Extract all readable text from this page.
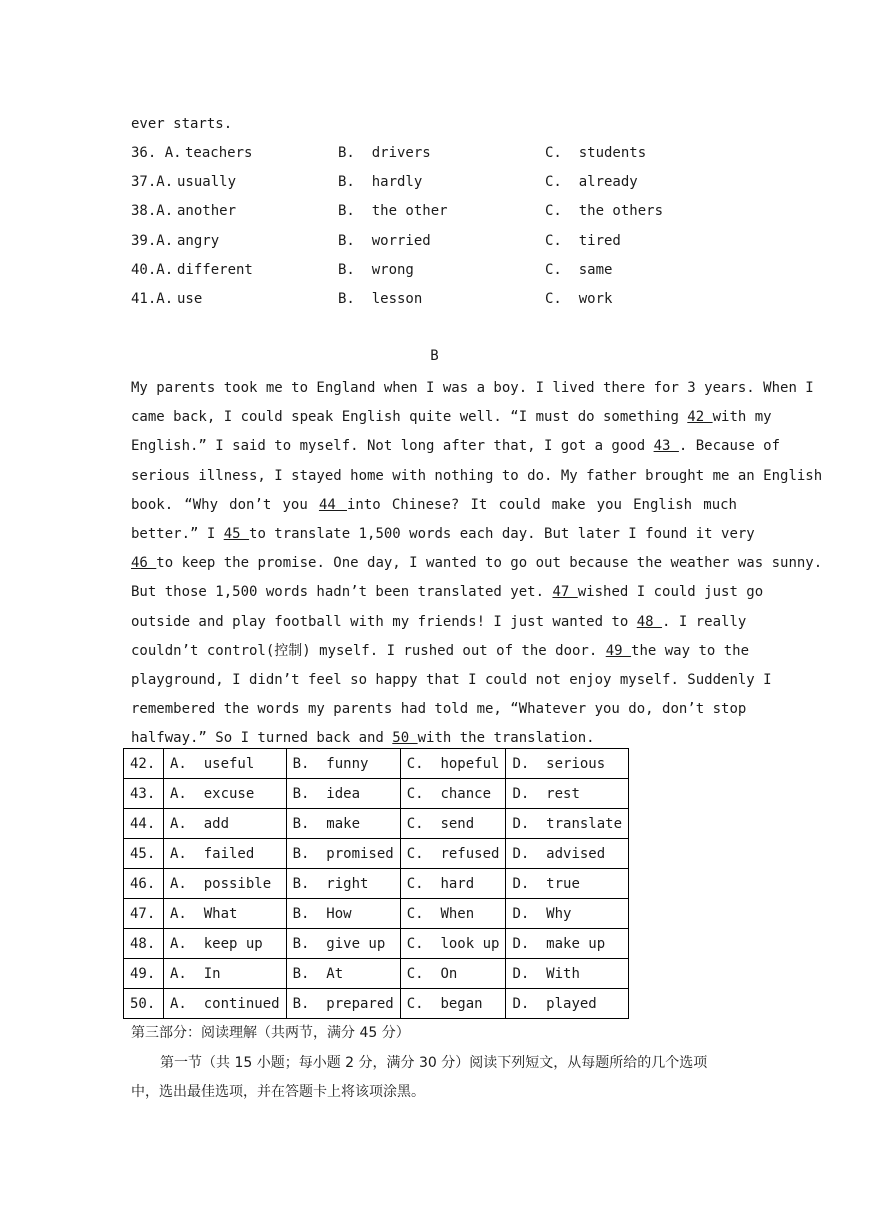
ever starts.
36. A. teachers	B.  drivers	C.  students
37.A. usually	B.  hardly	C.  already
38.A. another	B.  the other	C.  the others
39.A. angry	B.  worried	C.  tired
40.A. different	B.  wrong	C.  same
41.A. use	B.  lesson	C.  work
B
My parents took me to England when I was a boy. I lived there for 3 years. When I
came back, I could speak English quite well. “I must do something 42 with my
English.” I said to myself. Not long after that, I got a good 43 . Because of
serious illness, I stayed home with nothing to do. My father brought me an English
book. “Why don’t you 44 into Chinese? It could make you English much
better.” I 45 to translate 1,500 words each day. But later I found it very
46 to keep the promise. One day, I wanted to go out because the weather was sunny.
But those 1,500 words hadn’t been translated yet. 47 wished I could just go
outside and play football with my friends! I just wanted to 48 . I really
couldn’t control(控制) myself. I rushed out of the door. 49 the way to the
playground, I didn’t feel so happy that I could not enjoy myself. Suddenly I
remembered the words my parents had told me, “Whatever you do, don’t stop
halfway.” So I turned back and 50 with the translation.
42.	A.  useful	B.  funny	C.  hopeful	D.  serious
43.	A.  excuse	B.  idea	C.  chance	D.  rest
44.	A.  add	B.  make	C.  send	D.  translate
45.	A.  failed	B.  promised	C.  refused	D.  advised
46.	A.  possible	B.  right	C.  hard	D.  true
47.	A.  What	B.  How	C.  When	D.  Why
48.	A.  keep up	B.  give up	C.  look up	D.  make up
49.	A.  In	B.  At	C.  On	D.  With
50.	A.  continued	B.  prepared	C.  began	D.  played
第三部分：阅读理解（共两节，满分 45 分）
第一节（共 15 小题；每小题 2 分，满分 30 分）阅读下列短文，从每题所给的几个选项
中，选出最佳选项，并在答题卡上将该项涂黑。
